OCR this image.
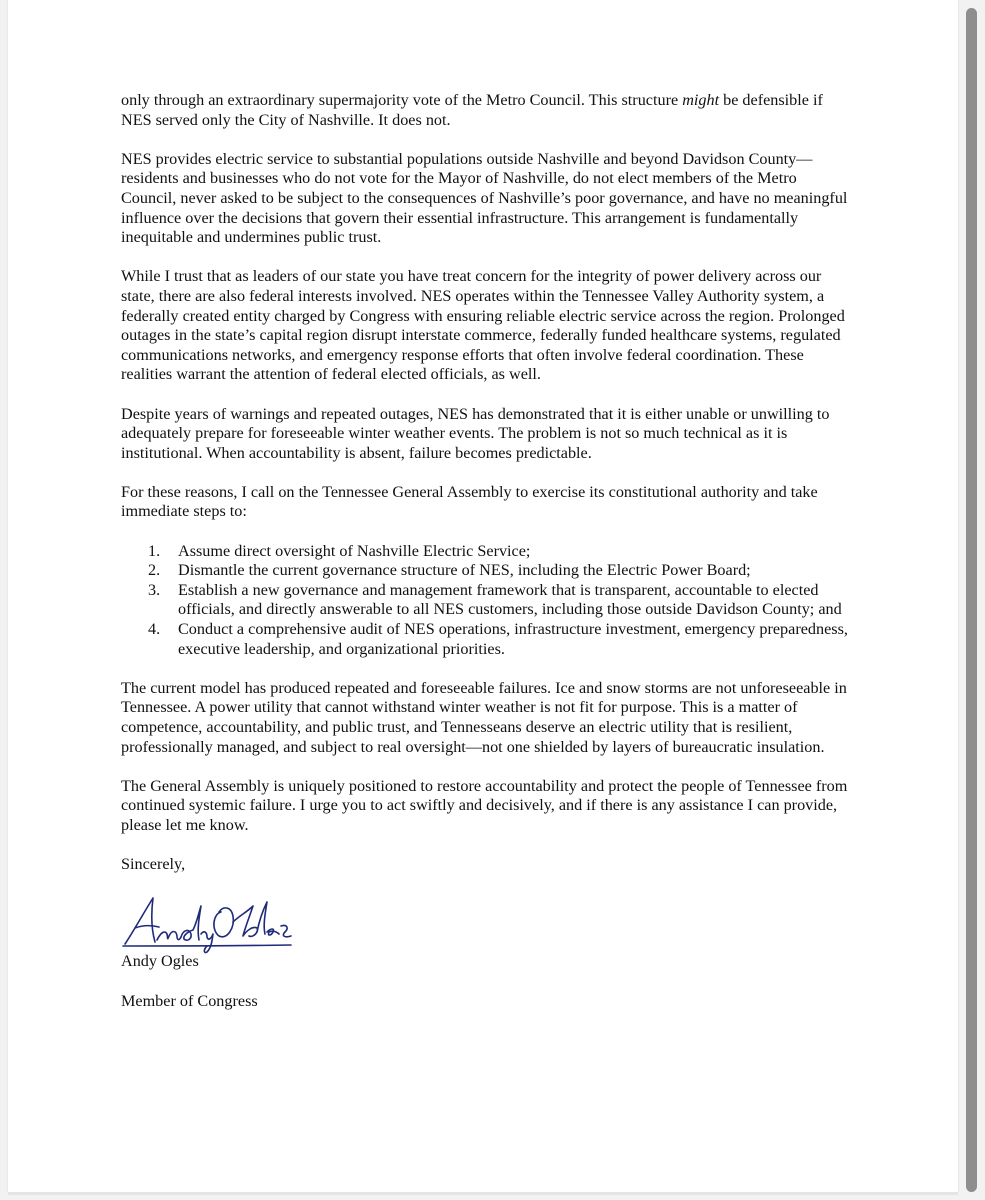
only through an extraordinary supermajority vote of the Metro Council. This structure might be defensible if NES served only the City of Nashville. It does not.

NES provides electric service to substantial populations outside Nashville and beyond Davidson County—residents and businesses who do not vote for the Mayor of Nashville, do not elect members of the Metro Council, never asked to be subject to the consequences of Nashville’s poor governance, and have no meaningful influence over the decisions that govern their essential infrastructure. This arrangement is fundamentally inequitable and undermines public trust.

While I trust that as leaders of our state you have treat concern for the integrity of power delivery across our state, there are also federal interests involved. NES operates within the Tennessee Valley Authority system, a federally created entity charged by Congress with ensuring reliable electric service across the region. Prolonged outages in the state’s capital region disrupt interstate commerce, federally funded healthcare systems, regulated communications networks, and emergency response efforts that often involve federal coordination. These realities warrant the attention of federal elected officials, as well.

Despite years of warnings and repeated outages, NES has demonstrated that it is either unable or unwilling to adequately prepare for foreseeable winter weather events. The problem is not so much technical as it is institutional. When accountability is absent, failure becomes predictable.

For these reasons, I call on the Tennessee General Assembly to exercise its constitutional authority and take immediate steps to:

1.	Assume direct oversight of Nashville Electric Service;
2.	Dismantle the current governance structure of NES, including the Electric Power Board;
3.	Establish a new governance and management framework that is transparent, accountable to elected officials, and directly answerable to all NES customers, including those outside Davidson County; and
4.	Conduct a comprehensive audit of NES operations, infrastructure investment, emergency preparedness, executive leadership, and organizational priorities.

The current model has produced repeated and foreseeable failures. Ice and snow storms are not unforeseeable in Tennessee. A power utility that cannot withstand winter weather is not fit for purpose. This is a matter of competence, accountability, and public trust, and Tennesseans deserve an electric utility that is resilient, professionally managed, and subject to real oversight—not one shielded by layers of bureaucratic insulation.

The General Assembly is uniquely positioned to restore accountability and protect the people of Tennessee from continued systemic failure. I urge you to act swiftly and decisively, and if there is any assistance I can provide, please let me know.

Sincerely,

Andy Ogles

Member of Congress
